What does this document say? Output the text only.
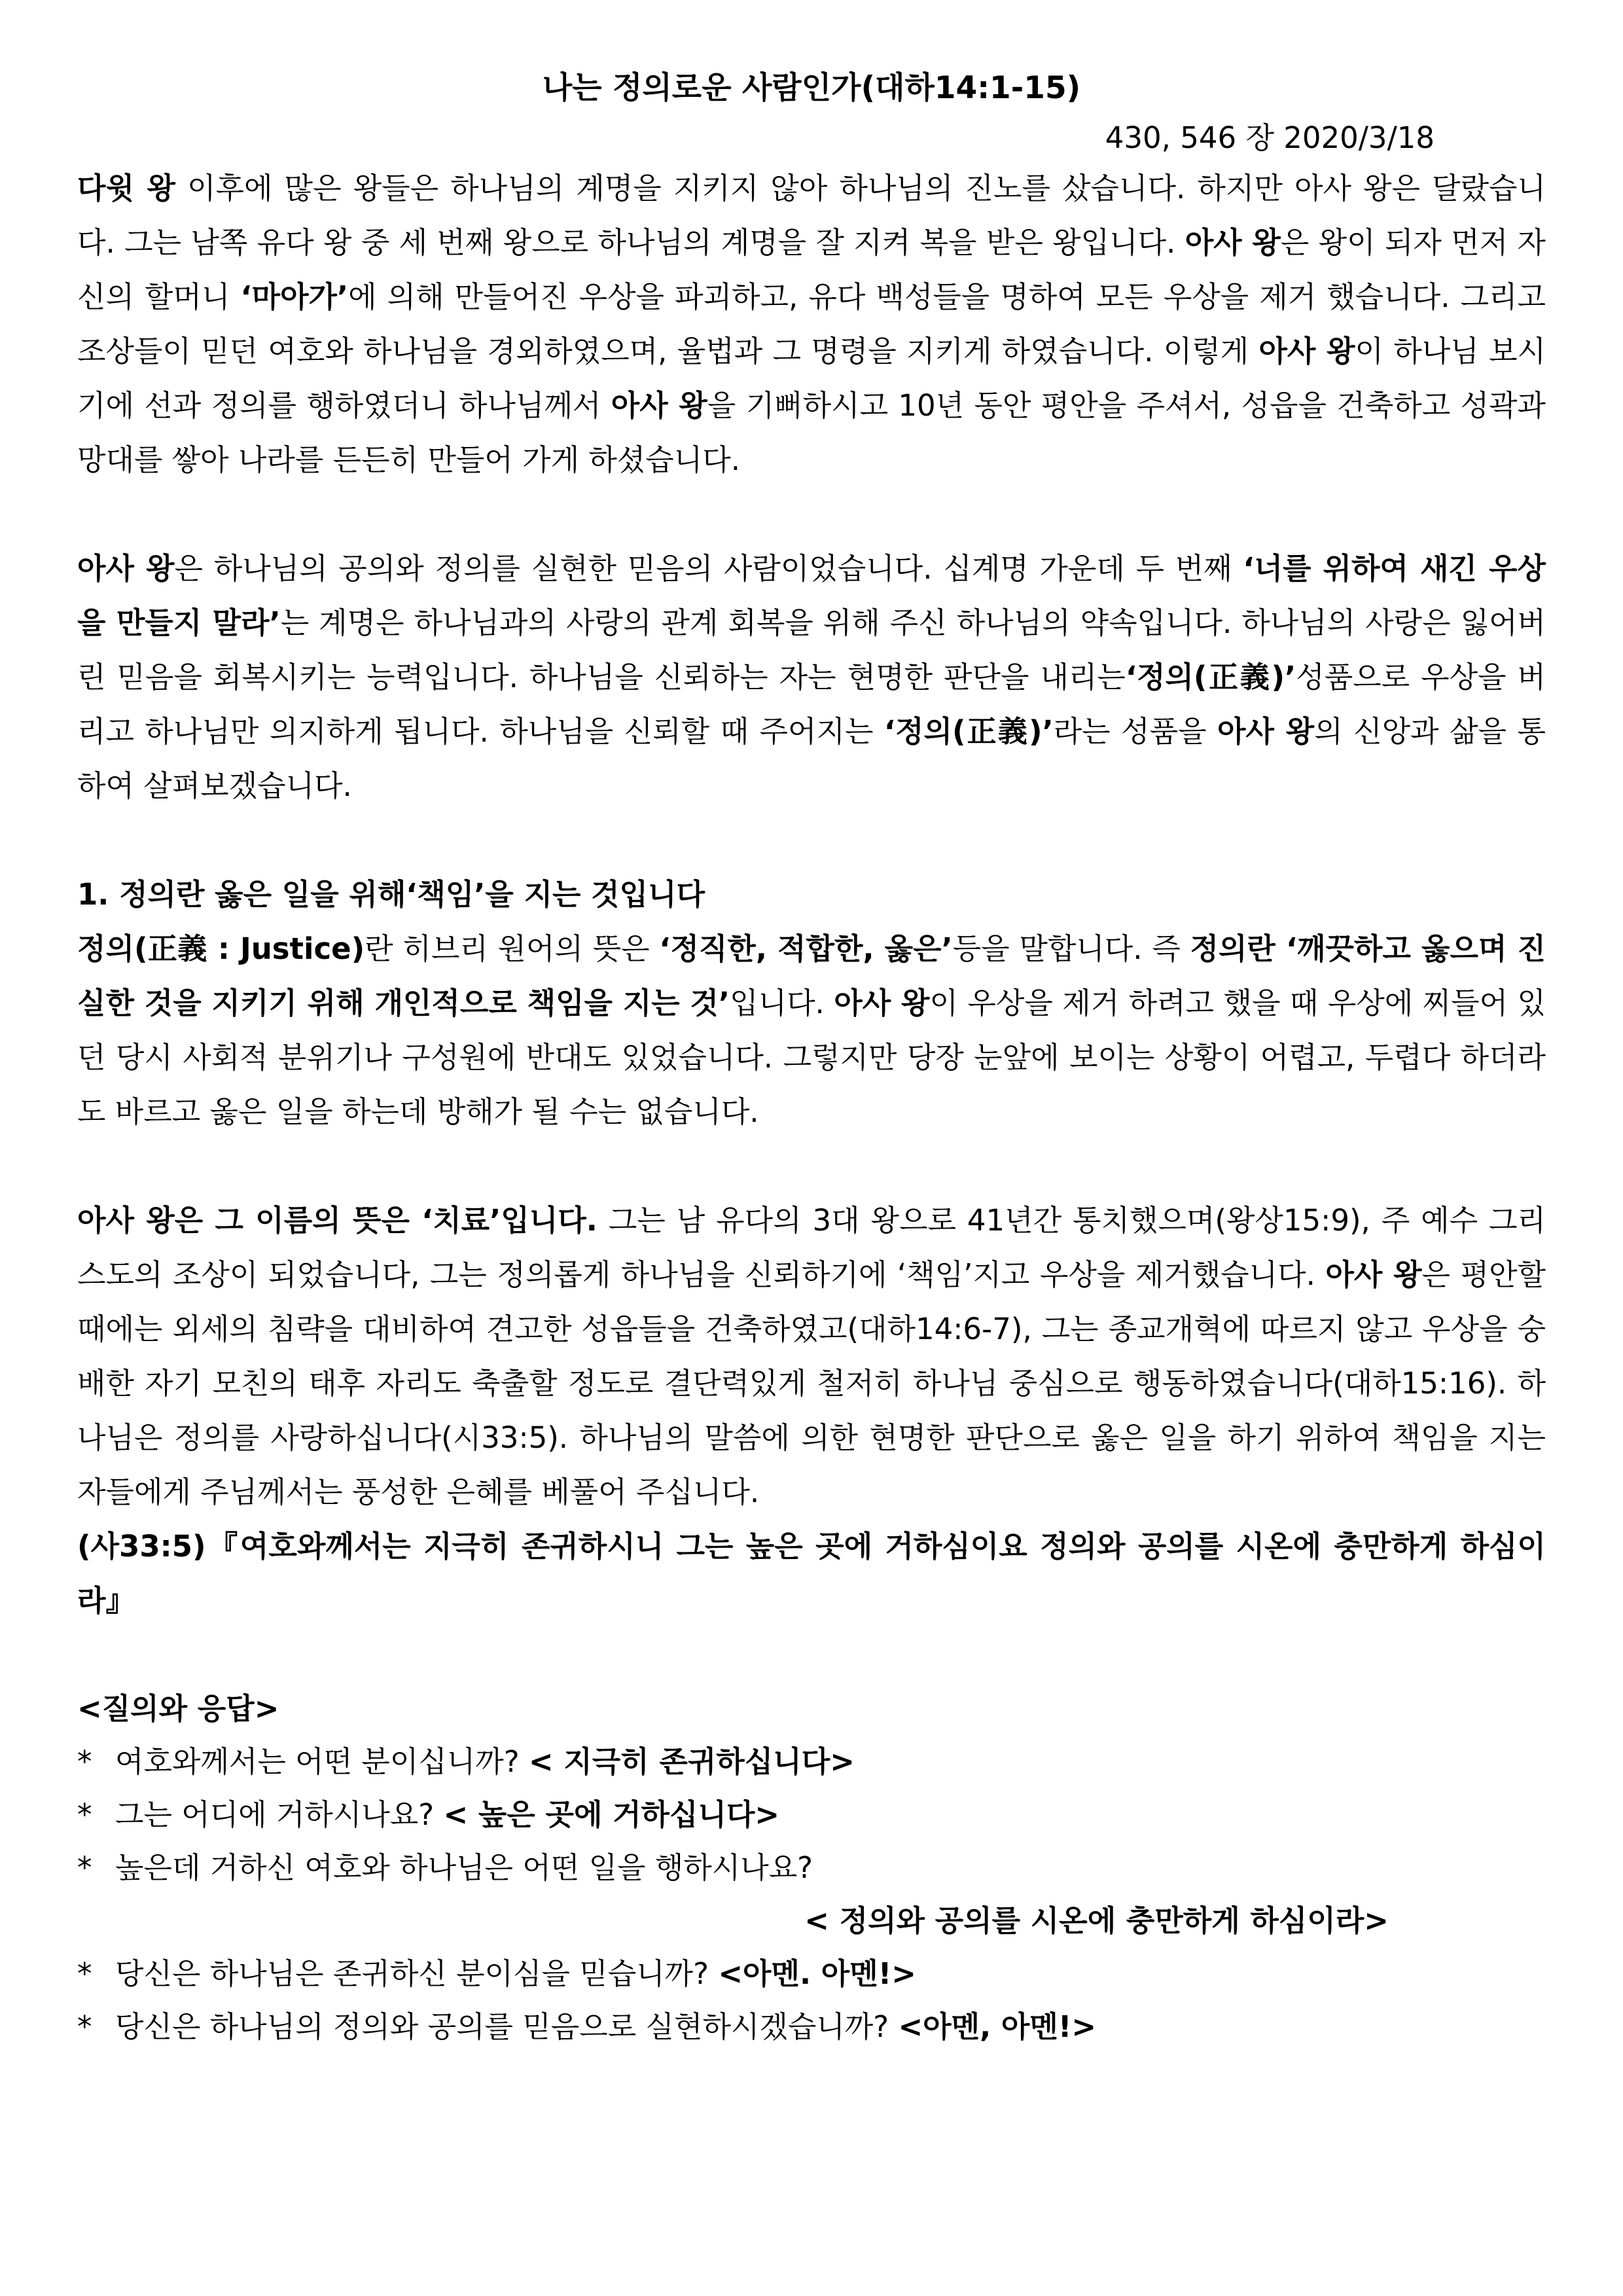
나는 정의로운 사람인가(대하14:1-15)
430, 546 장 2020/3/18

다윗 왕 이후에 많은 왕들은 하나님의 계명을 지키지 않아 하나님의 진노를 샀습니다. 하지만 아사 왕은 달랐습니다. 그는 남쪽 유다 왕 중 세 번째 왕으로 하나님의 계명을 잘 지켜 복을 받은 왕입니다. 아사 왕은 왕이 되자 먼저 자신의 할머니 ‘마아가’에 의해 만들어진 우상을 파괴하고, 유다 백성들을 명하여 모든 우상을 제거 했습니다. 그리고 조상들이 믿던 여호와 하나님을 경외하였으며, 율법과 그 명령을 지키게 하였습니다. 이렇게 아사 왕이 하나님 보시기에 선과 정의를 행하였더니 하나님께서 아사 왕을 기뻐하시고 10년 동안 평안을 주셔서, 성읍을 건축하고 성곽과 망대를 쌓아 나라를 든든히 만들어 가게 하셨습니다.

아사 왕은 하나님의 공의와 정의를 실현한 믿음의 사람이었습니다. 십계명 가운데 두 번째 ‘너를 위하여 새긴 우상을 만들지 말라’는 계명은 하나님과의 사랑의 관계 회복을 위해 주신 하나님의 약속입니다. 하나님의 사랑은 잃어버린 믿음을 회복시키는 능력입니다. 하나님을 신뢰하는 자는 현명한 판단을 내리는‘정의(正義)’성품으로 우상을 버리고 하나님만 의지하게 됩니다. 하나님을 신뢰할 때 주어지는 ‘정의(正義)’라는 성품을 아사 왕의 신앙과 삶을 통하여 살펴보겠습니다.

1. 정의란 옳은 일을 위해‘책임’을 지는 것입니다

정의(正義 : Justice)란 히브리 원어의 뜻은 ‘정직한, 적합한, 옳은’등을 말합니다. 즉 정의란 ‘깨끗하고 옳으며 진실한 것을 지키기 위해 개인적으로 책임을 지는 것’입니다. 아사 왕이 우상을 제거 하려고 했을 때 우상에 찌들어 있던 당시 사회적 분위기나 구성원에 반대도 있었습니다. 그렇지만 당장 눈앞에 보이는 상황이 어렵고, 두렵다 하더라도 바르고 옳은 일을 하는데 방해가 될 수는 없습니다.

아사 왕은 그 이름의 뜻은 ‘치료’입니다. 그는 남 유다의 3대 왕으로 41년간 통치했으며(왕상15:9), 주 예수 그리스도의 조상이 되었습니다, 그는 정의롭게 하나님을 신뢰하기에 ‘책임’지고 우상을 제거했습니다. 아사 왕은 평안할 때에는 외세의 침략을 대비하여 견고한 성읍들을 건축하였고(대하14:6-7), 그는 종교개혁에 따르지 않고 우상을 숭배한 자기 모친의 태후 자리도 축출할 정도로 결단력있게 철저히 하나님 중심으로 행동하였습니다(대하15:16). 하나님은 정의를 사랑하십니다(시33:5). 하나님의 말씀에 의한 현명한 판단으로 옳은 일을 하기 위하여 책임을 지는 자들에게 주님께서는 풍성한 은혜를 베풀어 주십니다.

(사33:5)『여호와께서는 지극히 존귀하시니 그는 높은 곳에 거하심이요 정의와 공의를 시온에 충만하게 하심이라』

<질의와 응답>

* 여호와께서는 어떤 분이십니까? < 지극히 존귀하십니다>

* 그는 어디에 거하시나요? < 높은 곳에 거하십니다>

* 높은데 거하신 여호와 하나님은 어떤 일을 행하시나요?

< 정의와 공의를 시온에 충만하게 하심이라>

* 당신은 하나님은 존귀하신 분이심을 믿습니까? <아멘. 아멘!>

* 당신은 하나님의 정의와 공의를 믿음으로 실현하시겠습니까? <아멘, 아멘!>
